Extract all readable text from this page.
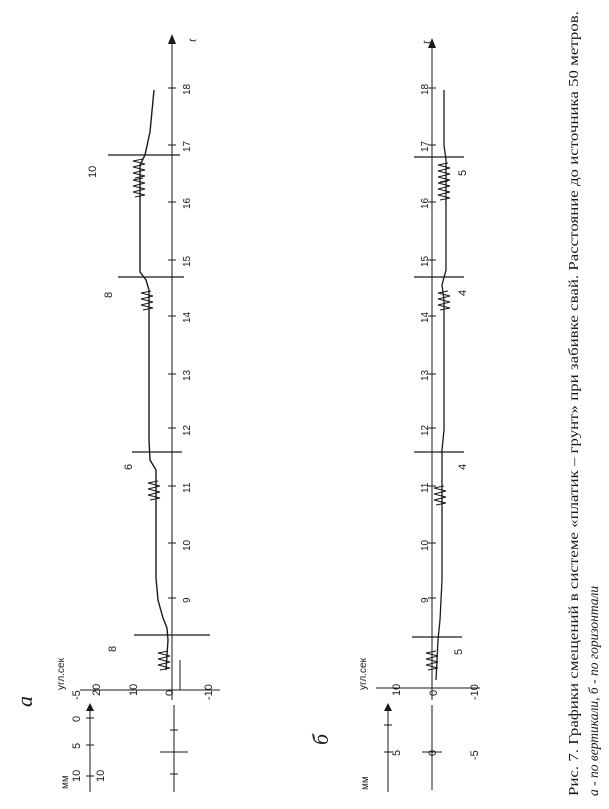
а
мм 10
5
0
-5
10
угл.сек 20 10 0 -10
t
9
10
11
12
13
14
15
16
17
18
8
6
8
10
б
мм
5 0	-5
угл.сек 10 0	-10
t
9
10
11
12
13
14
15
16
17
18
5
4
4
5	Рис. 7. Графики смещений в системе «платик – грунт» при забивке свай. Расстояние до источника 50 метров. а - по вертикали, б - по горизонтали
